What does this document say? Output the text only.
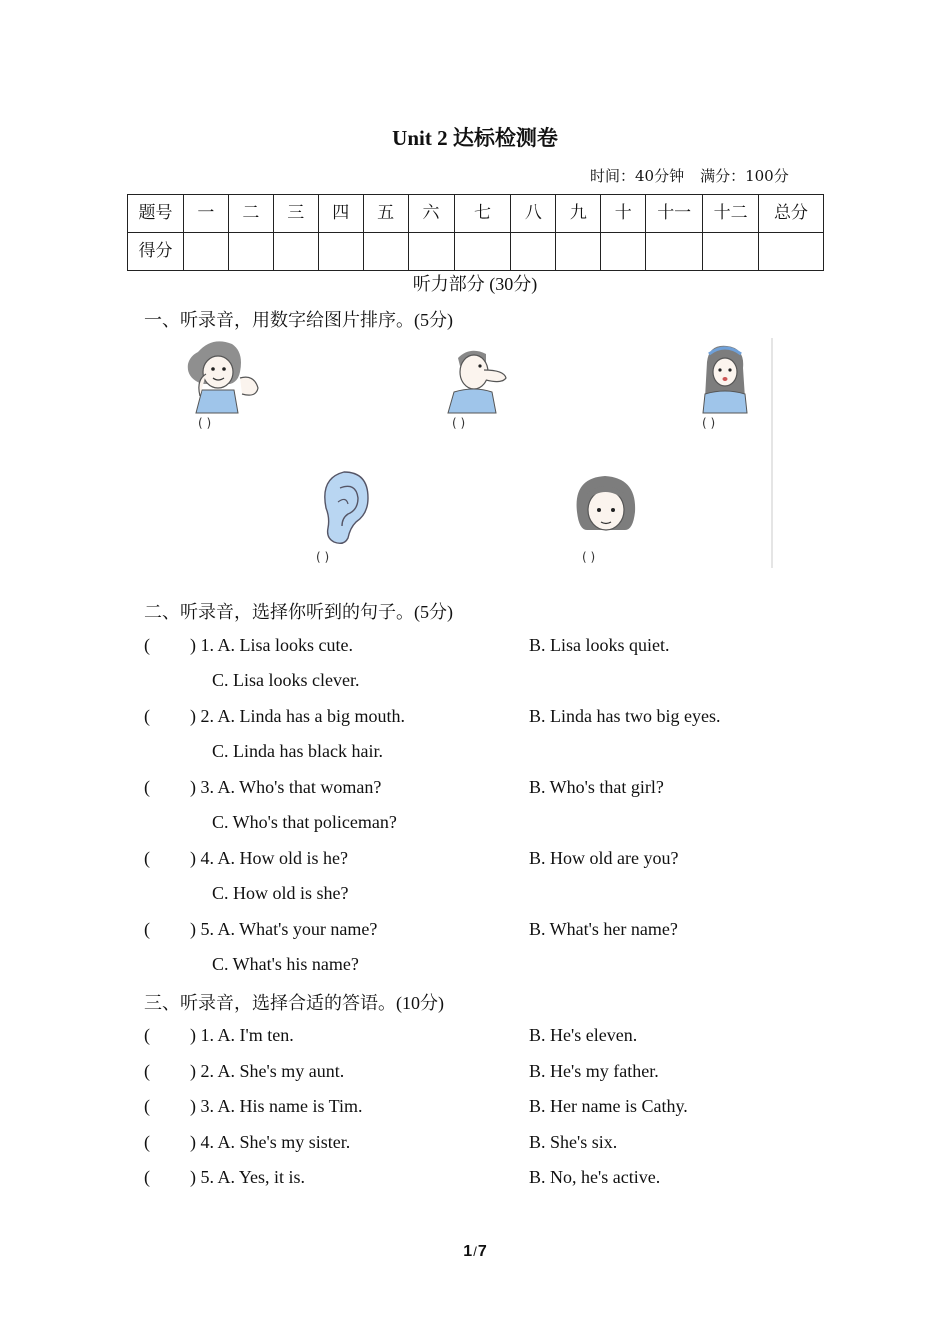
Unit 2 达标检测卷
时间：40分钟 满分：100分
题号	一	二	三	四	五	六	七	八	九	十	十一	十二	总分
得分													
听力部分 (30分)
一、听录音，用数字给图片排序。(5分)
( )	( )	( )
( )	( )
二、听录音，选择你听到的句子。(5分)
( ) 1. A. Lisa looks cute.	B. Lisa looks quiet.
C. Lisa looks clever.
( ) 2. A. Linda has a big mouth.	B. Linda has two big eyes.
C. Linda has black hair.
( ) 3. A. Who's that woman?	B. Who's that girl?
C. Who's that policeman?
( ) 4. A. How old is he?	B. How old are you?
C. How old is she?
( ) 5. A. What's your name?	B. What's her name?
C. What's his name?
三、听录音，选择合适的答语。(10分)
( ) 1. A. I'm ten.	B. He's eleven.
( ) 2. A. She's my aunt.	B. He's my father.
( ) 3. A. His name is Tim.	B. Her name is Cathy.
( ) 4. A. She's my sister.	B. She's six.
( ) 5. A. Yes, it is.	B. No, he's active.
1/7
